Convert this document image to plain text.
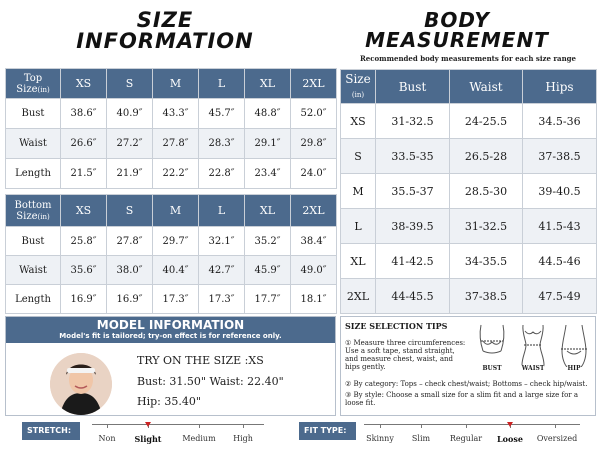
SIZE
INFORMATION
BODY
MEASUREMENT
Recommended body measurements for each size range
Top
Size(in)	XS	S	M	L	XL	2XL
Bust	38.6″	40.9″	43.3″	45.7″	48.8″	52.0″
Waist	26.6″	27.2″	27.8″	28.3″	29.1″	29.8″
Length	21.5″	21.9″	22.2″	22.8″	23.4″	24.0″
Bottom
Size(in)	XS	S	M	L	XL	2XL
Bust	25.8″	27.8″	29.7″	32.1″	35.2″	38.4″
Waist	35.6″	38.0″	40.4″	42.7″	45.9″	49.0″
Length	16.9″	16.9″	17.3″	17.3″	17.7″	18.1″
Size
(in)	Bust	Waist	Hips
XS	31-32.5	24-25.5	34.5-36
S	33.5-35	26.5-28	37-38.5
M	35.5-37	28.5-30	39-40.5
L	38-39.5	31-32.5	41.5-43
XL	41-42.5	34-35.5	44.5-46
2XL	44-45.5	37-38.5	47.5-49
MODEL INFORMATION
Model's fit is tailored; try-on effect is for reference only.
TRY ON THE SIZE :XS
Bust: 31.50" Waist: 22.40"
Hip: 35.40"
SIZE SELECTION TIPS
① Measure three circumferences: Use a soft tape, stand straight, and measure chest, waist, and hips gently.
② By category: Tops – check chest/waist; Bottoms – check hip/waist.
③ By style: Choose a small size for a slim fit and a large size for a loose fit.
BUST	WAIST	HIP
STRETCH:
Non	Slight	Medium	High
FIT TYPE:
Skinny	Slim	Regular	Loose	Oversized
